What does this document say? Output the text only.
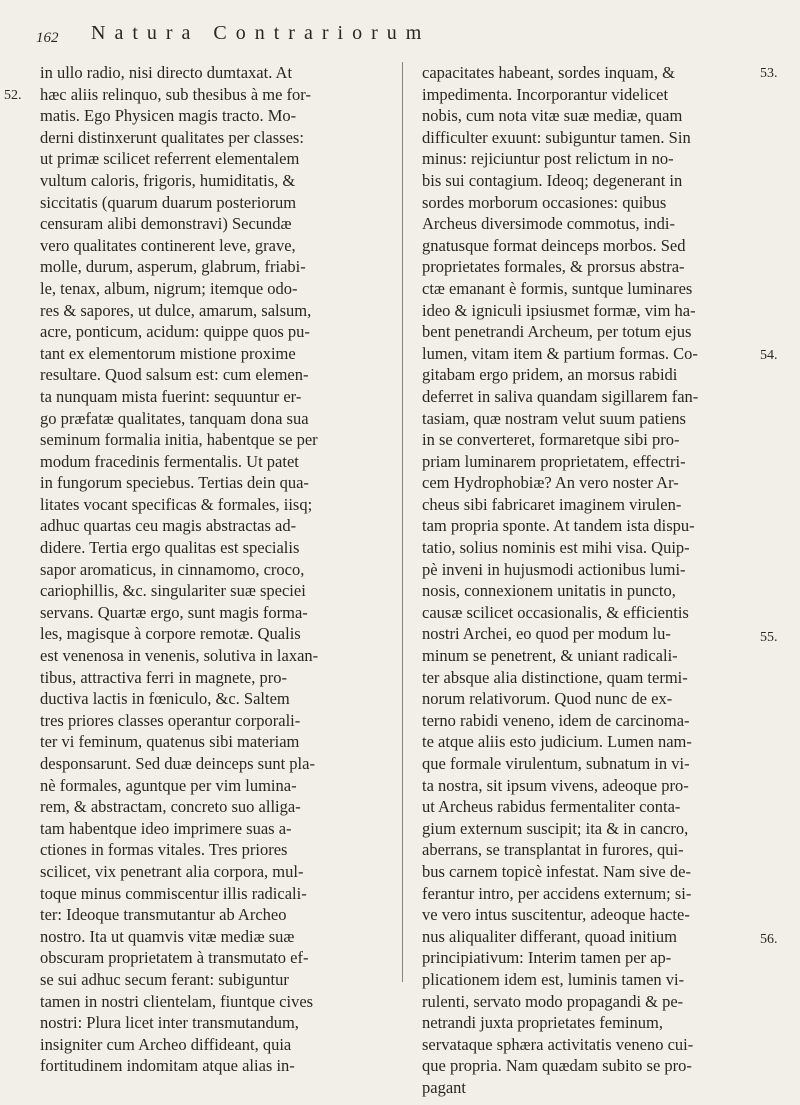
162 Natura Contrariorum
52.
53.
54.
55.
56.
in ullo radio, nisi directo dumtaxat. At
hæc aliis relinquo, sub thesibus à me for-
matis. Ego Physicen magis tracto. Mo-
derni distinxerunt qualitates per classes:
ut primæ scilicet referrent elementalem
vultum caloris, frigoris, humiditatis, &
siccitatis (quarum duarum posteriorum
censuram alibi demonstravi) Secundæ
vero qualitates continerent leve, grave,
molle, durum, asperum, glabrum, friabi-
le, tenax, album, nigrum; itemque odo-
res & sapores, ut dulce, amarum, salsum,
acre, ponticum, acidum: quippe quos pu-
tant ex elementorum mistione proxime
resultare. Quod salsum est: cum elemen-
ta nunquam mista fuerint: sequuntur er-
go præfatæ qualitates, tanquam dona sua
seminum formalia initia, habentque se per
modum fracedinis fermentalis. Ut patet
in fungorum speciebus. Tertias dein qua-
litates vocant specificas & formales, iisq;
adhuc quartas ceu magis abstractas ad-
didere. Tertia ergo qualitas est specialis
sapor aromaticus, in cinnamomo, croco,
cariophillis, &c. singulariter suæ speciei
servans. Quartæ ergo, sunt magis forma-
les, magisque à corpore remotæ. Qualis
est venenosa in venenis, solutiva in laxan-
tibus, attractiva ferri in magnete, pro-
ductiva lactis in fœniculo, &c. Saltem
tres priores classes operantur corporali-
ter vi feminum, quatenus sibi materiam
desponsarunt. Sed duæ deinceps sunt pla-
nè formales, aguntque per vim lumina-
rem, & abstractam, concreto suo alliga-
tam habentque ideo imprimere suas a-
ctiones in formas vitales. Tres priores
scilicet, vix penetrant alia corpora, mul-
toque minus commiscentur illis radicali-
ter: Ideoque transmutantur ab Archeo
nostro. Ita ut quamvis vitæ mediæ suæ
obscuram proprietatem à transmutato ef-
se sui adhuc secum ferant: subiguntur
tamen in nostri clientelam, fiuntque cives
nostri: Plura licet inter transmutandum,
insigniter cum Archeo diffideant, quia
fortitudinem indomitam atque alias in-
capacitates habeant, sordes inquam, &
impedimenta. Incorporantur videlicet
nobis, cum nota vitæ suæ mediæ, quam
difficulter exuunt: subiguntur tamen. Sin
minus: rejiciuntur post relictum in no-
bis sui contagium. Ideoq; degenerant in
sordes morborum occasiones: quibus
Archeus diversimode commotus, indi-
gnatusque format deinceps morbos. Sed
proprietates formales, & prorsus abstra-
ctæ emanant è formis, suntque luminares
ideo & igniculi ipsiusmet formæ, vim ha-
bent penetrandi Archeum, per totum ejus
lumen, vitam item & partium formas. Co-
gitabam ergo pridem, an morsus rabidi
deferret in saliva quandam sigillarem fan-
tasiam, quæ nostram velut suum patiens
in se converteret, formaretque sibi pro-
priam luminarem proprietatem, effectri-
cem Hydrophobiæ? An vero noster Ar-
cheus sibi fabricaret imaginem virulen-
tam propria sponte. At tandem ista dispu-
tatio, solius nominis est mihi visa. Quip-
pè inveni in hujusmodi actionibus lumi-
nosis, connexionem unitatis in puncto,
causæ scilicet occasionalis, & efficientis
nostri Archei, eo quod per modum lu-
minum se penetrent, & uniant radicali-
ter absque alia distinctione, quam termi-
norum relativorum. Quod nunc de ex-
terno rabidi veneno, idem de carcinoma-
te atque aliis esto judicium. Lumen nam-
que formale virulentum, subnatum in vi-
ta nostra, sit ipsum vivens, adeoque pro-
ut Archeus rabidus fermentaliter conta-
gium externum suscipit; ita & in cancro,
aberrans, se transplantat in furores, qui-
bus carnem topicè infestat. Nam sive de-
ferantur intro, per accidens externum; si-
ve vero intus suscitentur, adeoque hacte-
nus aliqualiter differant, quoad initium
principiativum: Interim tamen per ap-
plicationem idem est, luminis tamen vi-
rulenti, servato modo propagandi & pe-
netrandi juxta proprietates feminum,
servataque sphæra activitatis veneno cui-
que propria. Nam quædam subito se pro-
pagant
